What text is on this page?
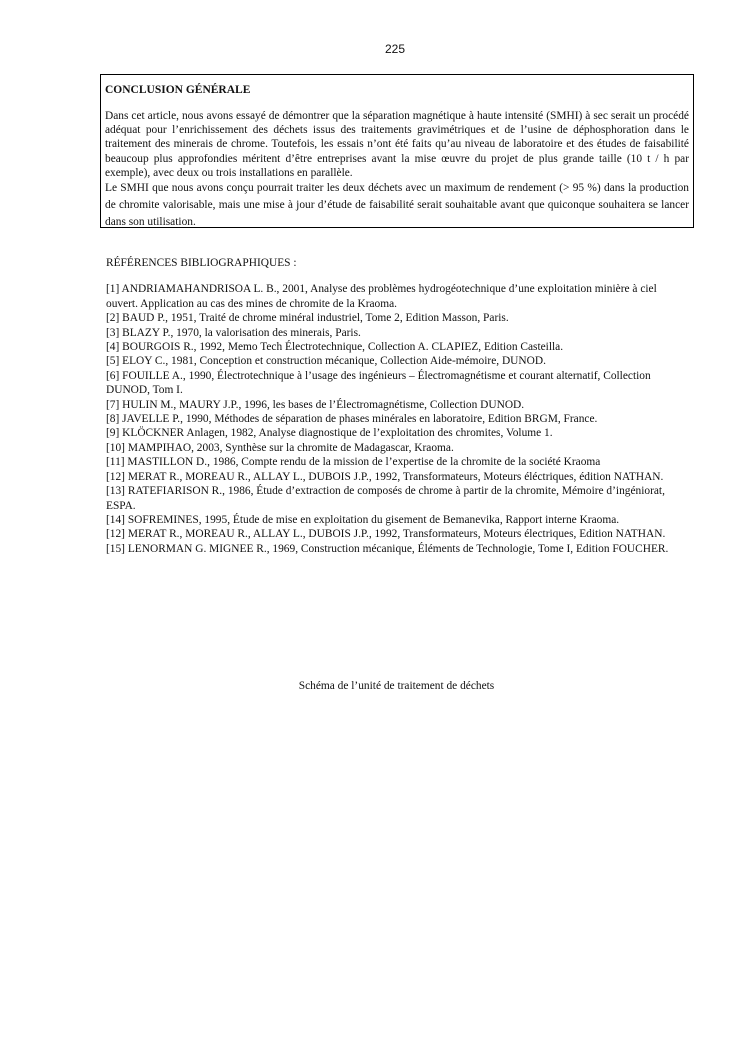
225
CONCLUSION GÉNÉRALE

Dans cet article, nous avons essayé de démontrer que la séparation magnétique à haute intensité (SMHI) à sec serait un procédé adéquat pour l’enrichissement des déchets issus des traitements gravimétriques et de l’usine de déphosphoration dans le traitement des minerais de chrome. Toutefois, les essais n’ont été faits qu’au niveau de laboratoire et des études de faisabilité beaucoup plus approfondies méritent d’être entreprises avant la mise œuvre du projet de plus grande taille (10 t / h par exemple), avec deux ou trois installations en parallèle.

Le SMHI que nous avons conçu pourrait traiter les deux déchets avec un maximum de rendement (> 95 %) dans la production de chromite valorisable, mais une mise à jour d’étude de faisabilité serait souhaitable avant que quiconque souhaitera se lancer dans son utilisation.

RÉFÉRENCES BIBLIOGRAPHIQUES :
[1] ANDRIAMAHANDRISOA L. B., 2001, Analyse des problèmes hydrogéotechnique d’une exploitation minière à ciel ouvert. Application au cas des mines de chromite de la Kraoma.
[2] BAUD P., 1951, Traité de chrome minéral industriel, Tome 2, Edition Masson, Paris.
[3] BLAZY P., 1970, la valorisation des minerais, Paris.
[4] BOURGOIS R., 1992, Memo Tech Électrotechnique, Collection A. CLAPIEZ, Edition Casteilla.
[5] ELOY C., 1981, Conception et construction mécanique, Collection Aide-mémoire, DUNOD.
[6] FOUILLE A., 1990, Électrotechnique à l’usage des ingénieurs – Électromagnétisme et courant alternatif, Collection DUNOD, Tom I.
[7] HULIN M., MAURY J.P., 1996, les bases de l’Électromagnétisme, Collection DUNOD.
[8] JAVELLE P., 1990, Méthodes de séparation de phases minérales en laboratoire, Edition BRGM, France.
[9] KLÖCKNER Anlagen, 1982, Analyse diagnostique de l’exploitation des chromites, Volume 1.
[10] MAMPIHAO, 2003, Synthèse sur la chromite de Madagascar, Kraoma.
[11] MASTILLON D., 1986, Compte rendu de la mission de l’expertise de la chromite de la société Kraoma
[12] MERAT R., MOREAU R., ALLAY L., DUBOIS J.P., 1992, Transformateurs, Moteurs éléctriques, édition NATHAN.
[13] RATEFIARISON R., 1986, Étude d’extraction de composés de chrome à partir de la chromite, Mémoire d’ingéniorat, ESPA.
[14] SOFREMINES, 1995, Étude de mise en exploitation du gisement de Bemanevika, Rapport interne Kraoma.
[12] MERAT R., MOREAU R., ALLAY L., DUBOIS J.P., 1992, Transformateurs, Moteurs électriques, Edition NATHAN.
[15] LENORMAN G. MIGNEE R., 1969, Construction mécanique, Éléments de Technologie, Tome I, Edition FOUCHER.
Schéma de l’unité de traitement de déchets
